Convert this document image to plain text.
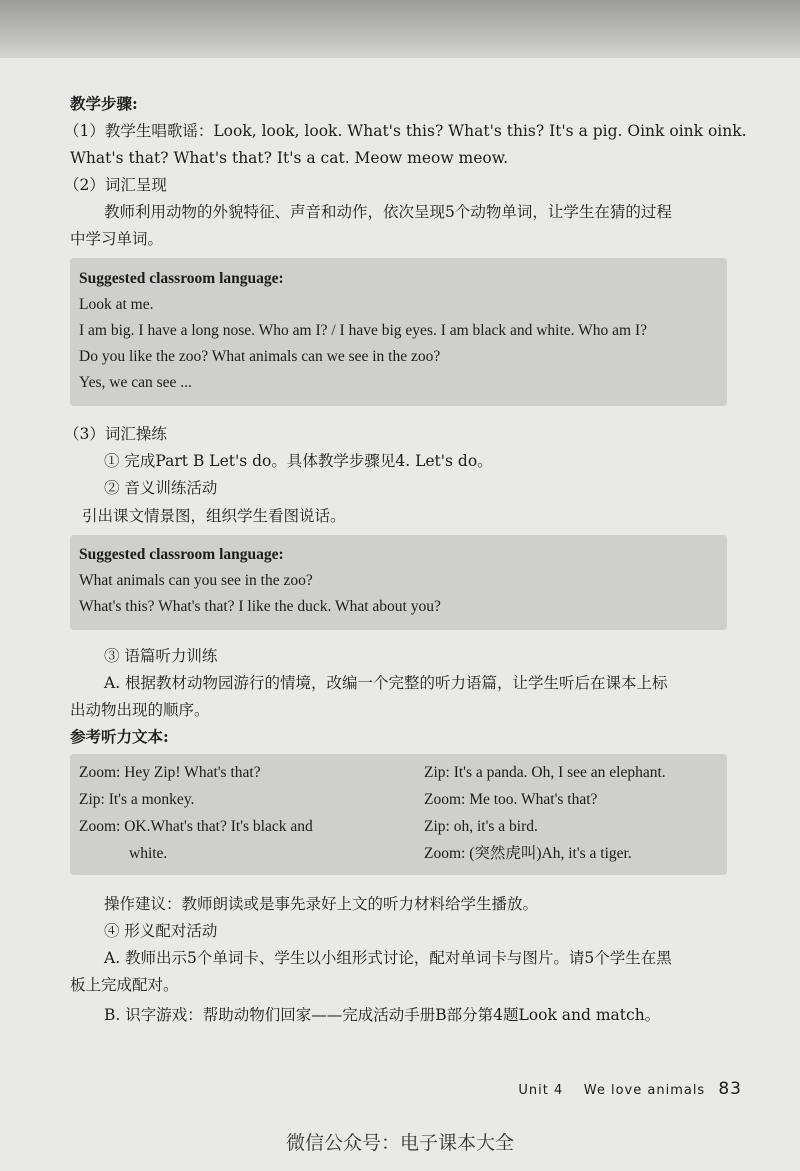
教学步骤:
（1）教学生唱歌谣：Look, look, look. What's this? What's this? It's a pig. Oink oink oink.
What's that? What's that? It's a cat. Meow meow meow.
（2）词汇呈现
教师利用动物的外貌特征、声音和动作，依次呈现5个动物单词，让学生在猜的过程
中学习单词。
Suggested classroom language:
Look at me.
I am big. I have a long nose. Who am I? / I have big eyes. I am black and white. Who am I?
Do you like the zoo? What animals can we see in the zoo?
Yes, we can see ...
（3）词汇操练
① 完成Part B Let's do。具体教学步骤见4. Let's do。
② 音义训练活动
引出课文情景图，组织学生看图说话。
Suggested classroom language:
What animals can you see in the zoo?
What's this? What's that? I like the duck. What about you?
③ 语篇听力训练
A. 根据教材动物园游行的情境，改编一个完整的听力语篇，让学生听后在课本上标
出动物出现的顺序。
参考听力文本:
Zoom: Hey Zip! What's that?
Zip: It's a monkey.
Zoom: OK.What's that? It's black and
white.
Zip: It's a panda. Oh, I see an elephant.
Zoom: Me too. What's that?
Zip: oh, it's a bird.
Zoom: (突然虎叫)Ah, it's a tiger.
操作建议：教师朗读或是事先录好上文的听力材料给学生播放。
④ 形义配对活动
A. 教师出示5个单词卡、学生以小组形式讨论，配对单词卡与图片。请5个学生在黑
板上完成配对。
B. 识字游戏：帮助动物们回家——完成活动手册B部分第4题Look and match。
Unit 4 We love animals 83
微信公众号：电子课本大全
